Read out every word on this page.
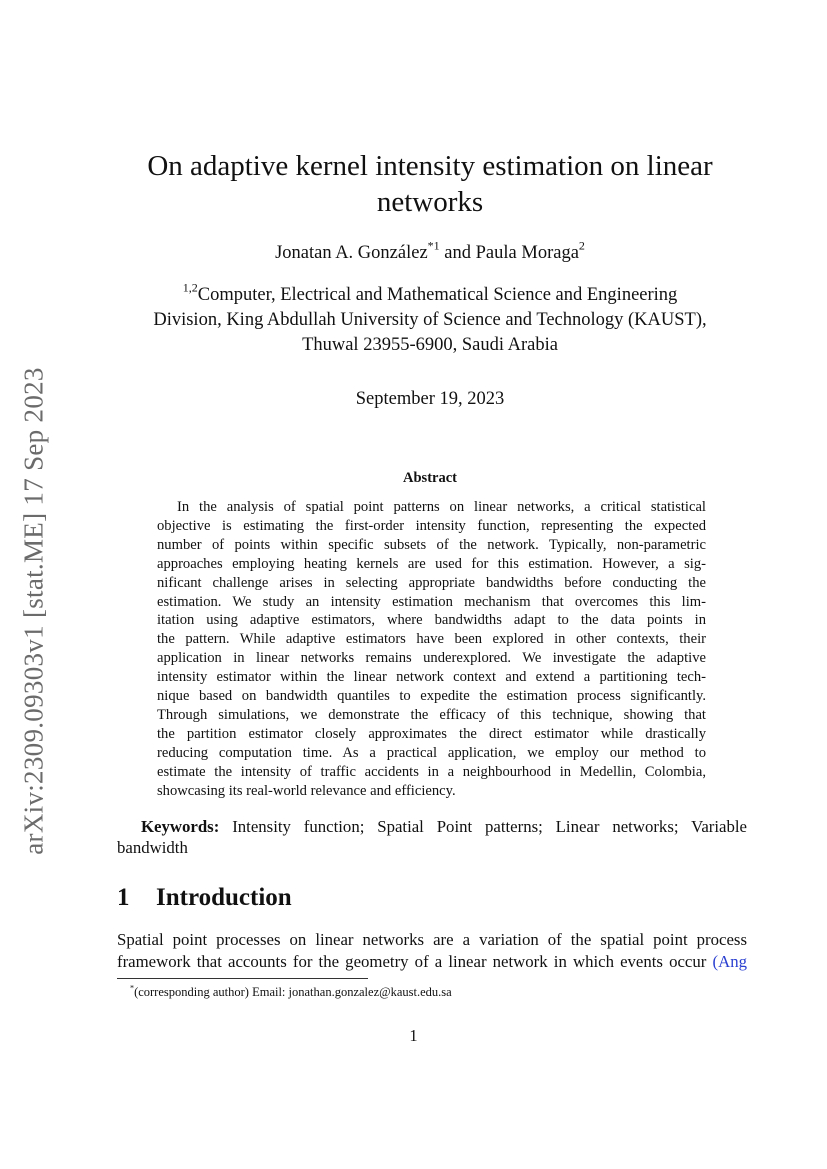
arXiv:2309.09303v1 [stat.ME] 17 Sep 2023
On adaptive kernel intensity estimation on linear
networks
Jonatan A. González$^{*1}$ and Paula Moraga$^2$
$^{1,2}$Computer, Electrical and Mathematical Science and Engineering
Division, King Abdullah University of Science and Technology (KAUST),
Thuwal 23955-6900, Saudi Arabia
September 19, 2023
Abstract
In the analysis of spatial point patterns on linear networks, a critical statistical
objective is estimating the first-order intensity function, representing the expected
number of points within specific subsets of the network. Typically, non-parametric
approaches employing heating kernels are used for this estimation. However, a sig-
nificant challenge arises in selecting appropriate bandwidths before conducting the
estimation. We study an intensity estimation mechanism that overcomes this lim-
itation using adaptive estimators, where bandwidths adapt to the data points in
the pattern. While adaptive estimators have been explored in other contexts, their
application in linear networks remains underexplored. We investigate the adaptive
intensity estimator within the linear network context and extend a partitioning tech-
nique based on bandwidth quantiles to expedite the estimation process significantly.
Through simulations, we demonstrate the efficacy of this technique, showing that
the partition estimator closely approximates the direct estimator while drastically
reducing computation time. As a practical application, we employ our method to
estimate the intensity of traffic accidents in a neighbourhood in Medellin, Colombia,
showcasing its real-world relevance and efficiency.
Keywords: Intensity function; Spatial Point patterns; Linear networks; Variable
bandwidth
1 Introduction
Spatial point processes on linear networks are a variation of the spatial point process
framework that accounts for the geometry of a linear network in which events occur (Ang
*(corresponding author) Email: jonathan.gonzalez@kaust.edu.sa
1
